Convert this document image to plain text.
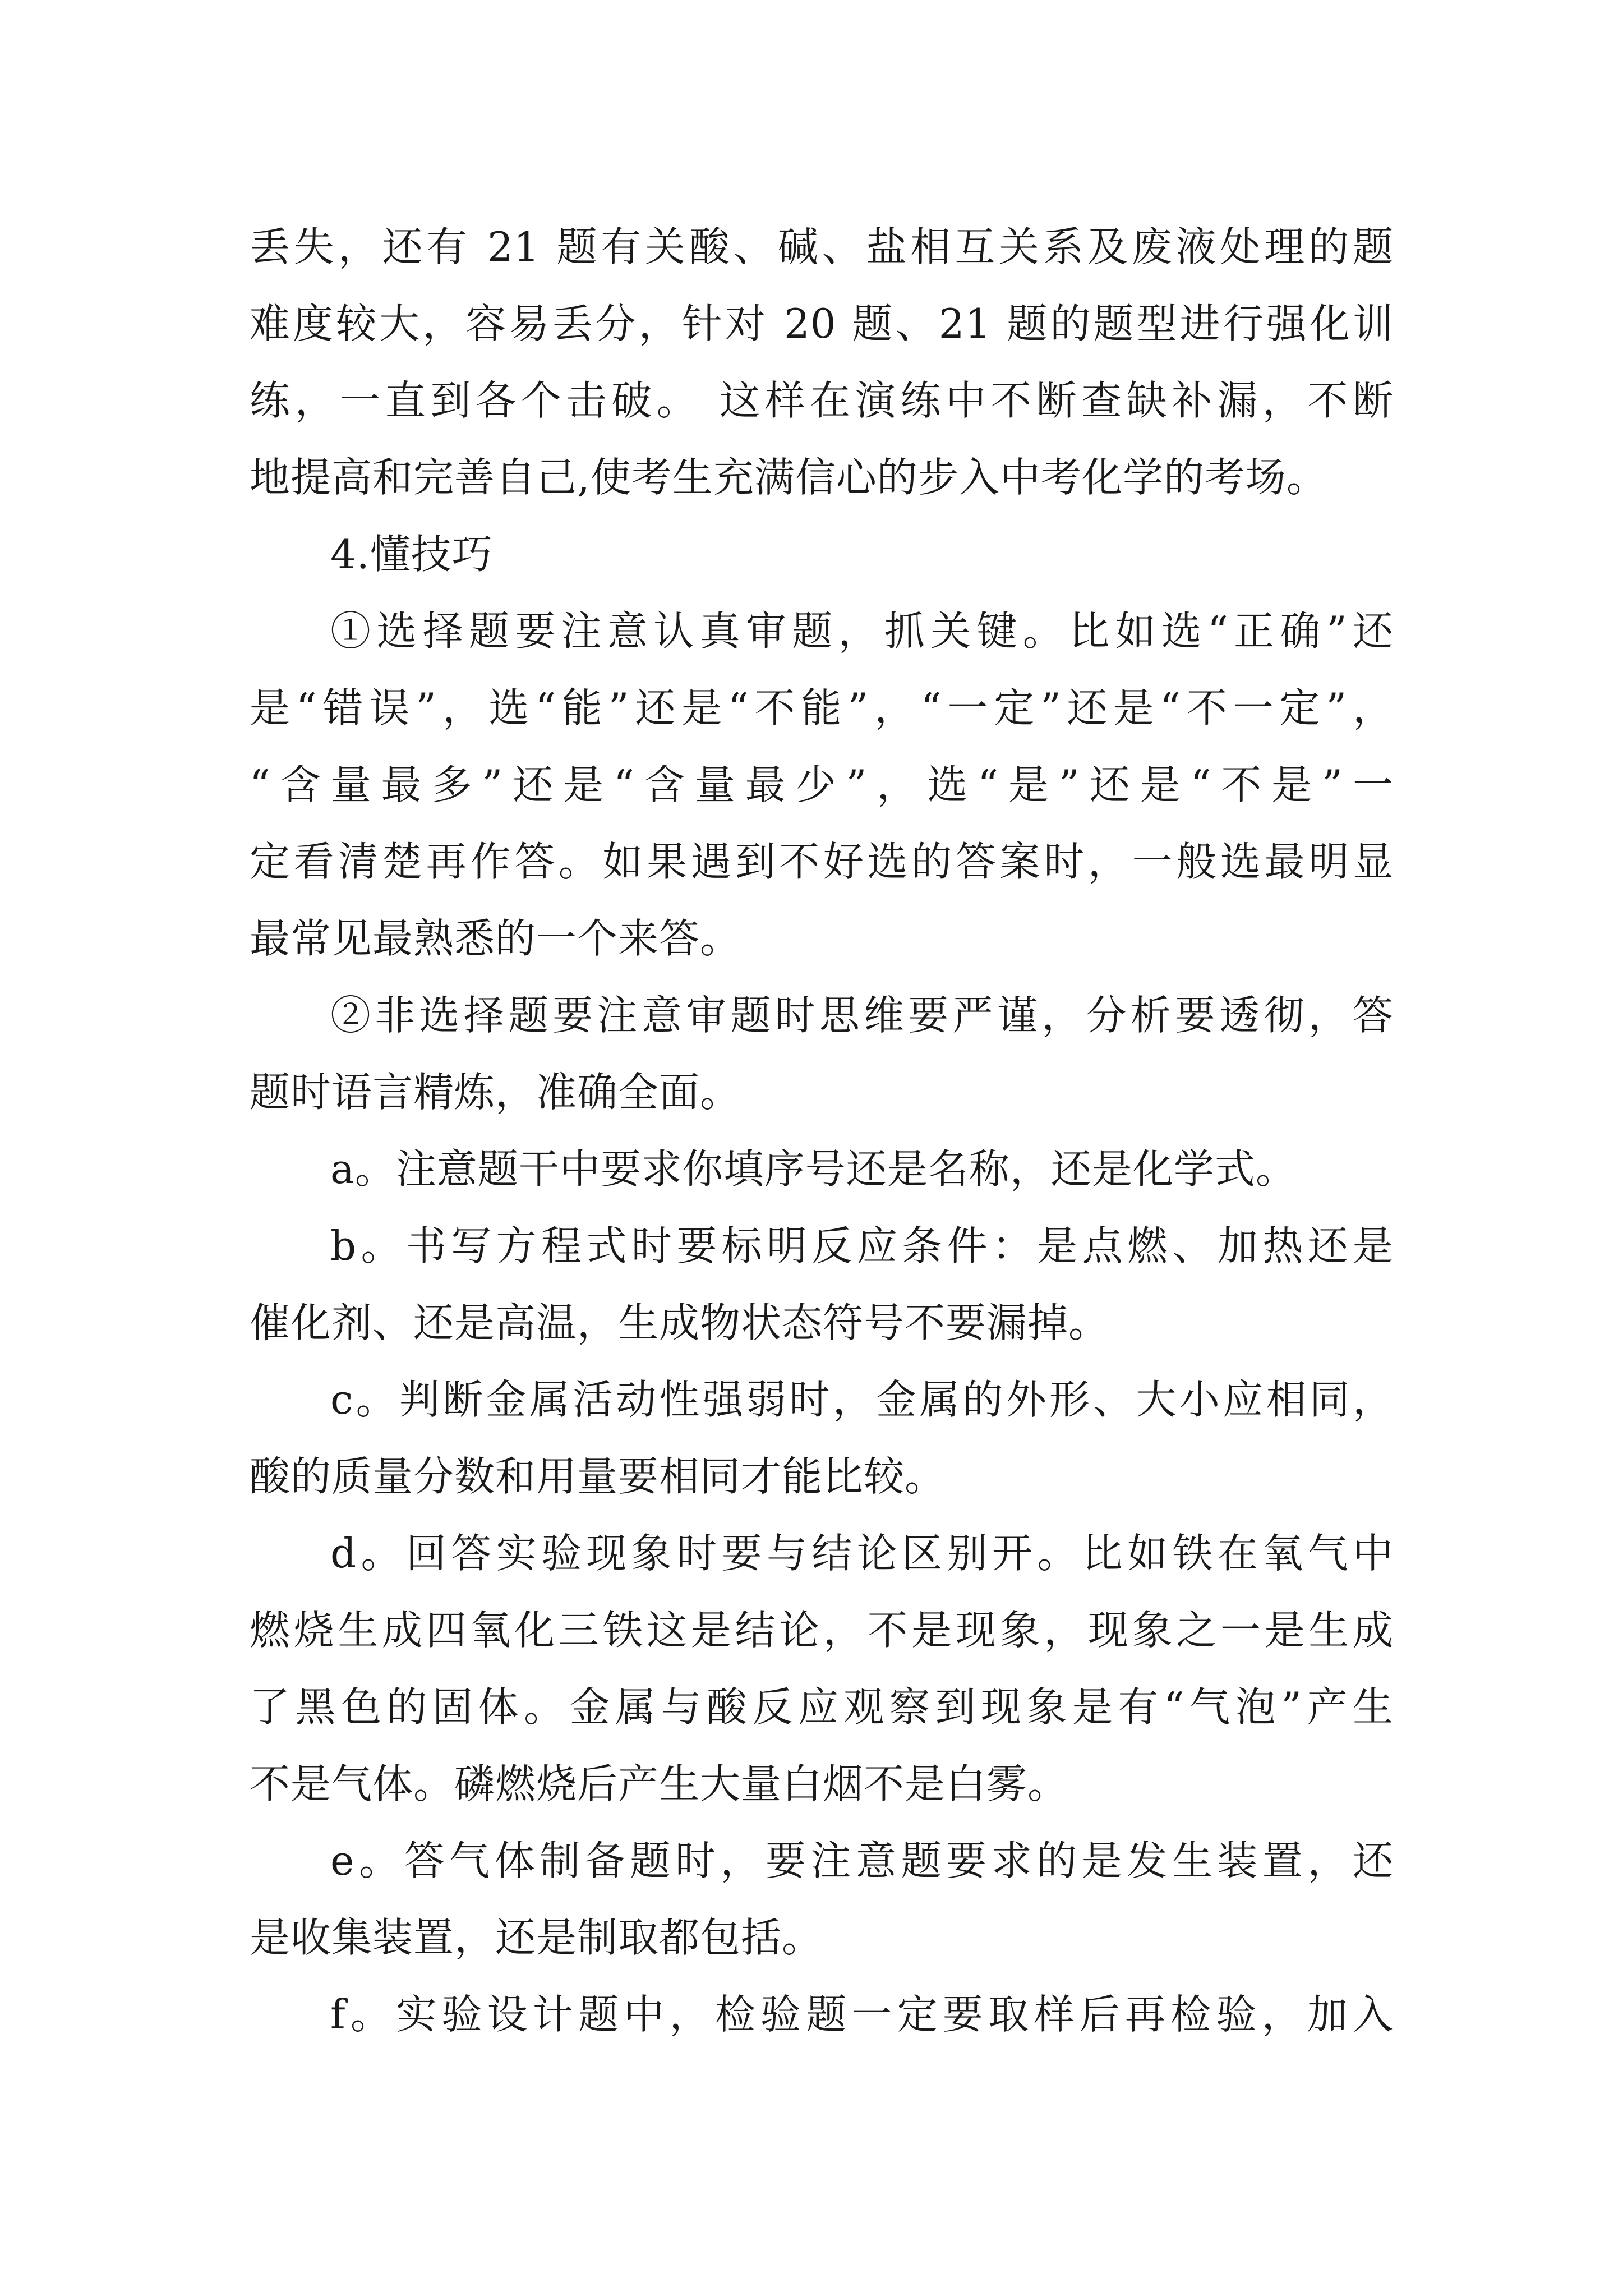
丢失，还有 21 题有关酸、碱、盐相互关系及废液处理的题
难度较大，容易丢分，针对 20 题、21 题的题型进行强化训
练，一直到各个击破。 这样在演练中不断查缺补漏，不断
地提高和完善自己,使考生充满信心的步入中考化学的考场。
4.懂技巧
①选择题要注意认真审题，抓关键。比如选“正确”还
是“错误”，选“能”还是“不能”，“一定”还是“不一定”，
“含量最多”还是“含量最少”，选“是”还是“不是”一
定看清楚再作答。如果遇到不好选的答案时，一般选最明显
最常见最熟悉的一个来答。
②非选择题要注意审题时思维要严谨，分析要透彻，答
题时语言精炼，准确全面。
a。注意题干中要求你填序号还是名称，还是化学式。
b。书写方程式时要标明反应条件：是点燃、加热还是
催化剂、还是高温，生成物状态符号不要漏掉。
c。判断金属活动性强弱时，金属的外形、大小应相同，
酸的质量分数和用量要相同才能比较。
d。回答实验现象时要与结论区别开。比如铁在氧气中
燃烧生成四氧化三铁这是结论，不是现象，现象之一是生成
了黑色的固体。金属与酸反应观察到现象是有“气泡”产生
不是气体。磷燃烧后产生大量白烟不是白雾。
e。答气体制备题时，要注意题要求的是发生装置，还
是收集装置，还是制取都包括。
f。实验设计题中，检验题一定要取样后再检验，加入
